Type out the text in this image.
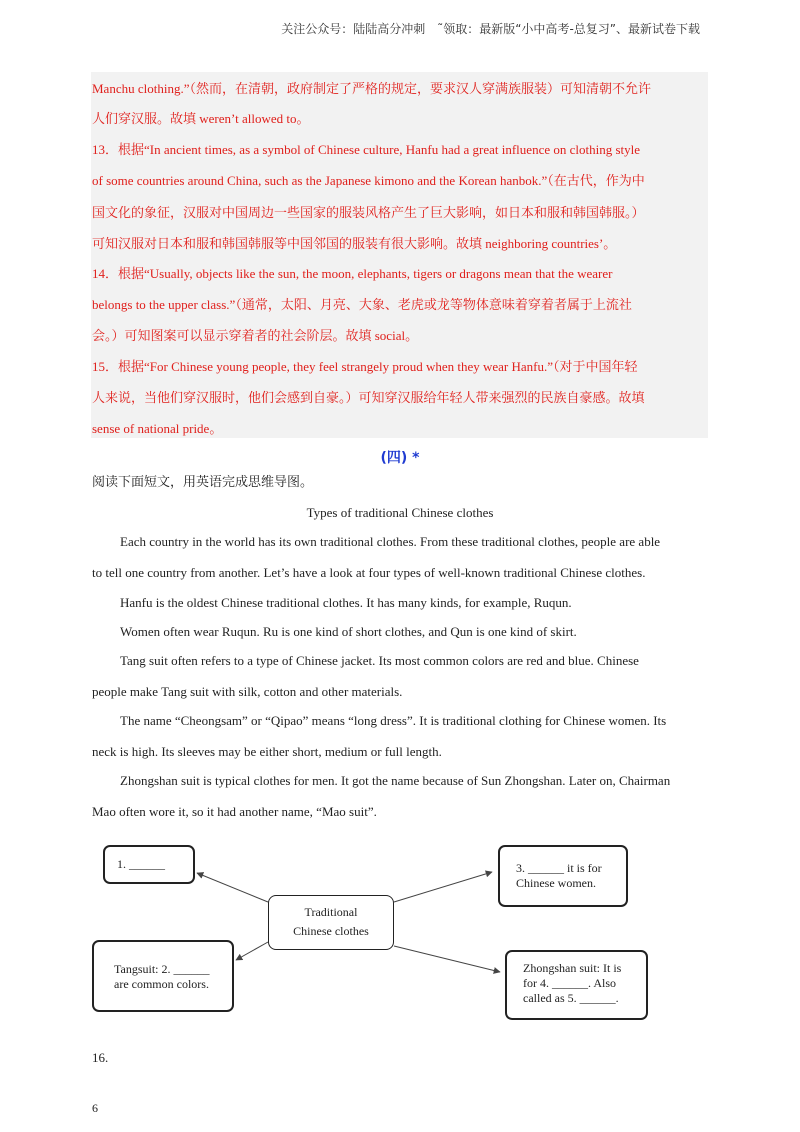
关注公众号：陆陆高分冲刺　˜领取：最新版“小中高考-总复习”、最新试卷下载
Manchu clothing.”（然而，在清朝，政府制定了严格的规定，要求汉人穿满族服装）可知清朝不允许
人们穿汉服。故填 weren’t allowed to。
13．根据“In ancient times, as a symbol of Chinese culture, Hanfu had a great influence on clothing style
of some countries around China, such as the Japanese kimono and the Korean hanbok.”（在古代，作为中
国文化的象征，汉服对中国周边一些国家的服装风格产生了巨大影响，如日本和服和韩国韩服。）
可知汉服对日本和服和韩国韩服等中国邻国的服装有很大影响。故填 neighboring countries’。
14．根据“Usually, objects like the sun, the moon, elephants, tigers or dragons mean that the wearer
belongs to the upper class.”（通常，太阳、月亮、大象、老虎或龙等物体意味着穿着者属于上流社
会。）可知图案可以显示穿着者的社会阶层。故填 social。
15．根据“For Chinese young people, they feel strangely proud when they wear Hanfu.”（对于中国年轻
人来说，当他们穿汉服时，他们会感到自豪。）可知穿汉服给年轻人带来强烈的民族自豪感。故填
sense of national pride。
(四) *
阅读下面短文，用英语完成思维导图。
Types of traditional Chinese clothes
Each country in the world has its own traditional clothes. From these traditional clothes, people are able
to tell one country from another. Let’s have a look at four types of well-known traditional Chinese clothes.
Hanfu is the oldest Chinese traditional clothes. It has many kinds, for example, Ruqun.
Women often wear Ruqun. Ru is one kind of short clothes, and Qun is one kind of skirt.
Tang suit often refers to a type of Chinese jacket. Its most common colors are red and blue. Chinese
people make Tang suit with silk, cotton and other materials.
The name “Cheongsam” or “Qipao” means “long dress”. It is traditional clothing for Chinese women. Its
neck is high. Its sleeves may be either short, medium or full length.
Zhongshan suit is typical clothes for men. It got the name because of Sun Zhongshan. Later on, Chairman
Mao often wore it, so it had another name, “Mao suit”.
Traditional
Chinese clothes
1. ______
Tangsuit: 2. ______
are common colors.
3. ______ it is for
Chinese women.
Zhongshan suit: It is
for 4. ______. Also
called as 5. ______.
16.
6
